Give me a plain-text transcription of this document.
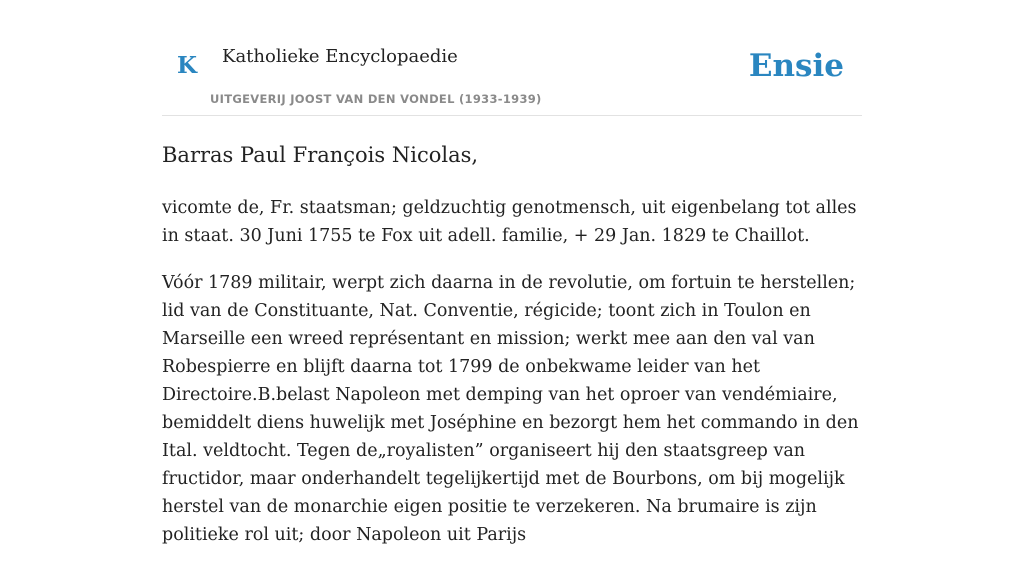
K Katholieke Encyclopaedie
UITGEVERIJ JOOST VAN DEN VONDEL (1933-1939)
Ensie
Barras Paul François Nicolas,

vicomte de, Fr. staatsman; geldzuchtig genotmensch, uit eigenbelang tot alles in staat. 30 Juni 1755 te Fox uit adell. familie, + 29 Jan. 1829 te Chaillot.

Vóór 1789 militair, werpt zich daarna in de revolutie, om fortuin te herstellen; lid van de Constituante, Nat. Conventie, régicide; toont zich in Toulon en Marseille een wreed représentant en mission; werkt mee aan den val van Robespierre en blijft daarna tot 1799 de onbekwame leider van het Directoire.B.belast Napoleon met demping van het oproer van vendémiaire, bemiddelt diens huwelijk met Joséphine en bezorgt hem het commando in den Ital. veldtocht. Tegen de„royalisten” organiseert hij den staatsgreep van fructidor, maar onderhandelt tegelijkertijd met de Bourbons, om bij mogelijk herstel van de monarchie eigen positie te verzekeren. Na brumaire is zijn politieke rol uit; door Napoleon uit Parijs
